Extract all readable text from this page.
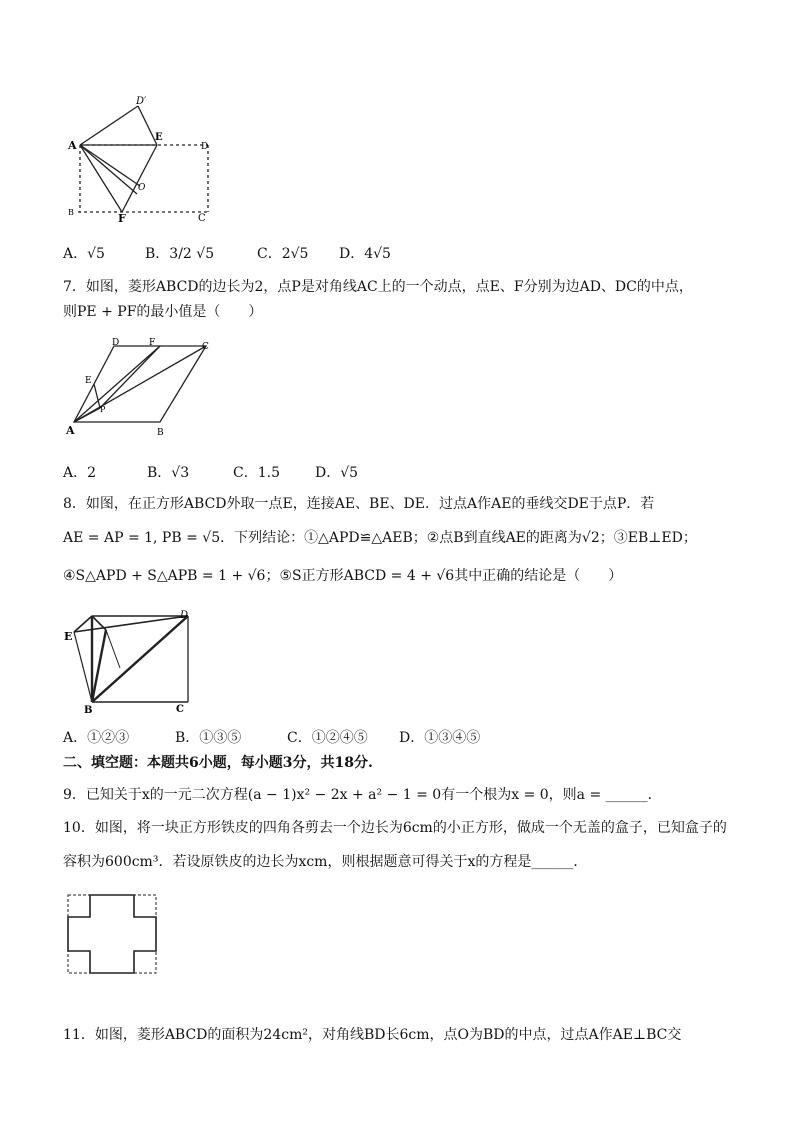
D′
A
E
D
O
F
B
C
A．√5	B．3/2 √5	C．2√5	D．4√5
7．如图，菱形ABCD的边长为2，点P是对角线AC上的一个动点，点E、F分别为边AD、DC的中点，
则PE + PF的最小值是（　　）
D	F	C
E
P
A	B
A．2	B．√3	C．1.5	D．√5
8．如图，在正方形ABCD外取一点E，连接AE、BE、DE．过点A作AE的垂线交DE于点P．若
AE = AP = 1, PB = √5．下列结论：①△APD≌△AEB；②点B到直线AE的距离为√2；③EB⊥ED；
④S△APD + S△APB = 1 + √6；⑤S正方形ABCD = 4 + √6其中正确的结论是（　　）
E
D
B	C
A．①②③	B．①③⑤	C．①②④⑤	D．①③④⑤
二、填空题：本题共6小题，每小题3分，共18分.
9．已知关于x的一元二次方程(a − 1)x² − 2x + a² − 1 = 0有一个根为x = 0，则a = ______．
10．如图，将一块正方形铁皮的四角各剪去一个边长为6cm的小正方形，做成一个无盖的盒子，已知盒子的
容积为600cm³．若设原铁皮的边长为xcm，则根据题意可得关于x的方程是______．
11．如图，菱形ABCD的面积为24cm²，对角线BD长6cm，点O为BD的中点，过点A作AE⊥BC交
